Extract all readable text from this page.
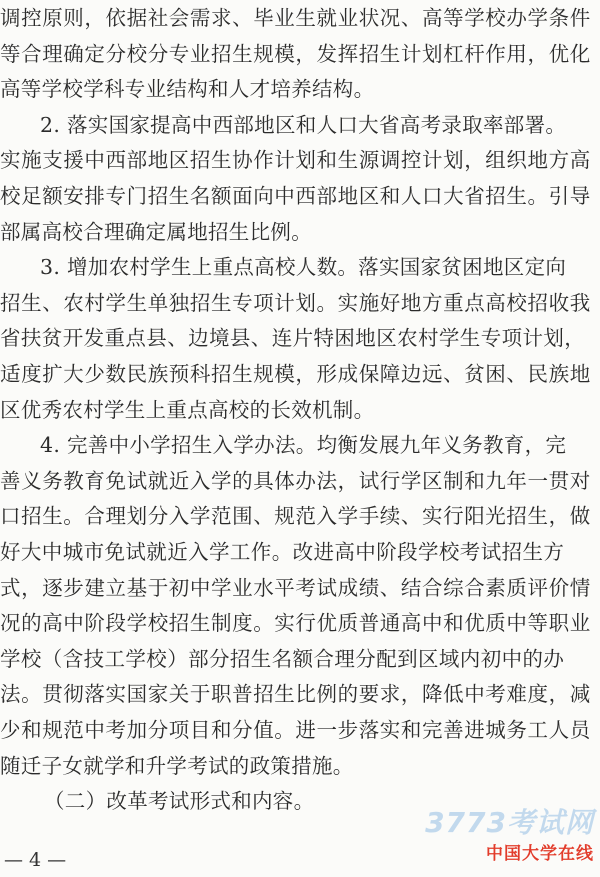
调控原则，依据社会需求、毕业生就业状况、高等学校办学条件
等合理确定分校分专业招生规模，发挥招生计划杠杆作用，优化
高等学校学科专业结构和人才培养结构。
2. 落实国家提高中西部地区和人口大省高考录取率部署。
实施支援中西部地区招生协作计划和生源调控计划，组织地方高
校足额安排专门招生名额面向中西部地区和人口大省招生。引导
部属高校合理确定属地招生比例。
3. 增加农村学生上重点高校人数。落实国家贫困地区定向
招生、农村学生单独招生专项计划。实施好地方重点高校招收我
省扶贫开发重点县、边境县、连片特困地区农村学生专项计划，
适度扩大少数民族预科招生规模，形成保障边远、贫困、民族地
区优秀农村学生上重点高校的长效机制。
4. 完善中小学招生入学办法。均衡发展九年义务教育，完
善义务教育免试就近入学的具体办法，试行学区制和九年一贯对
口招生。合理划分入学范围、规范入学手续、实行阳光招生，做
好大中城市免试就近入学工作。改进高中阶段学校考试招生方
式，逐步建立基于初中学业水平考试成绩、结合综合素质评价情
况的高中阶段学校招生制度。实行优质普通高中和优质中等职业
学校（含技工学校）部分招生名额合理分配到区域内初中的办
法。贯彻落实国家关于职普招生比例的要求，降低中考难度，减
少和规范中考加分项目和分值。进一步落实和完善进城务工人员
随迁子女就学和升学考试的政策措施。
（二）改革考试形式和内容。
— 4 —
3773考试网
中国大学在线
